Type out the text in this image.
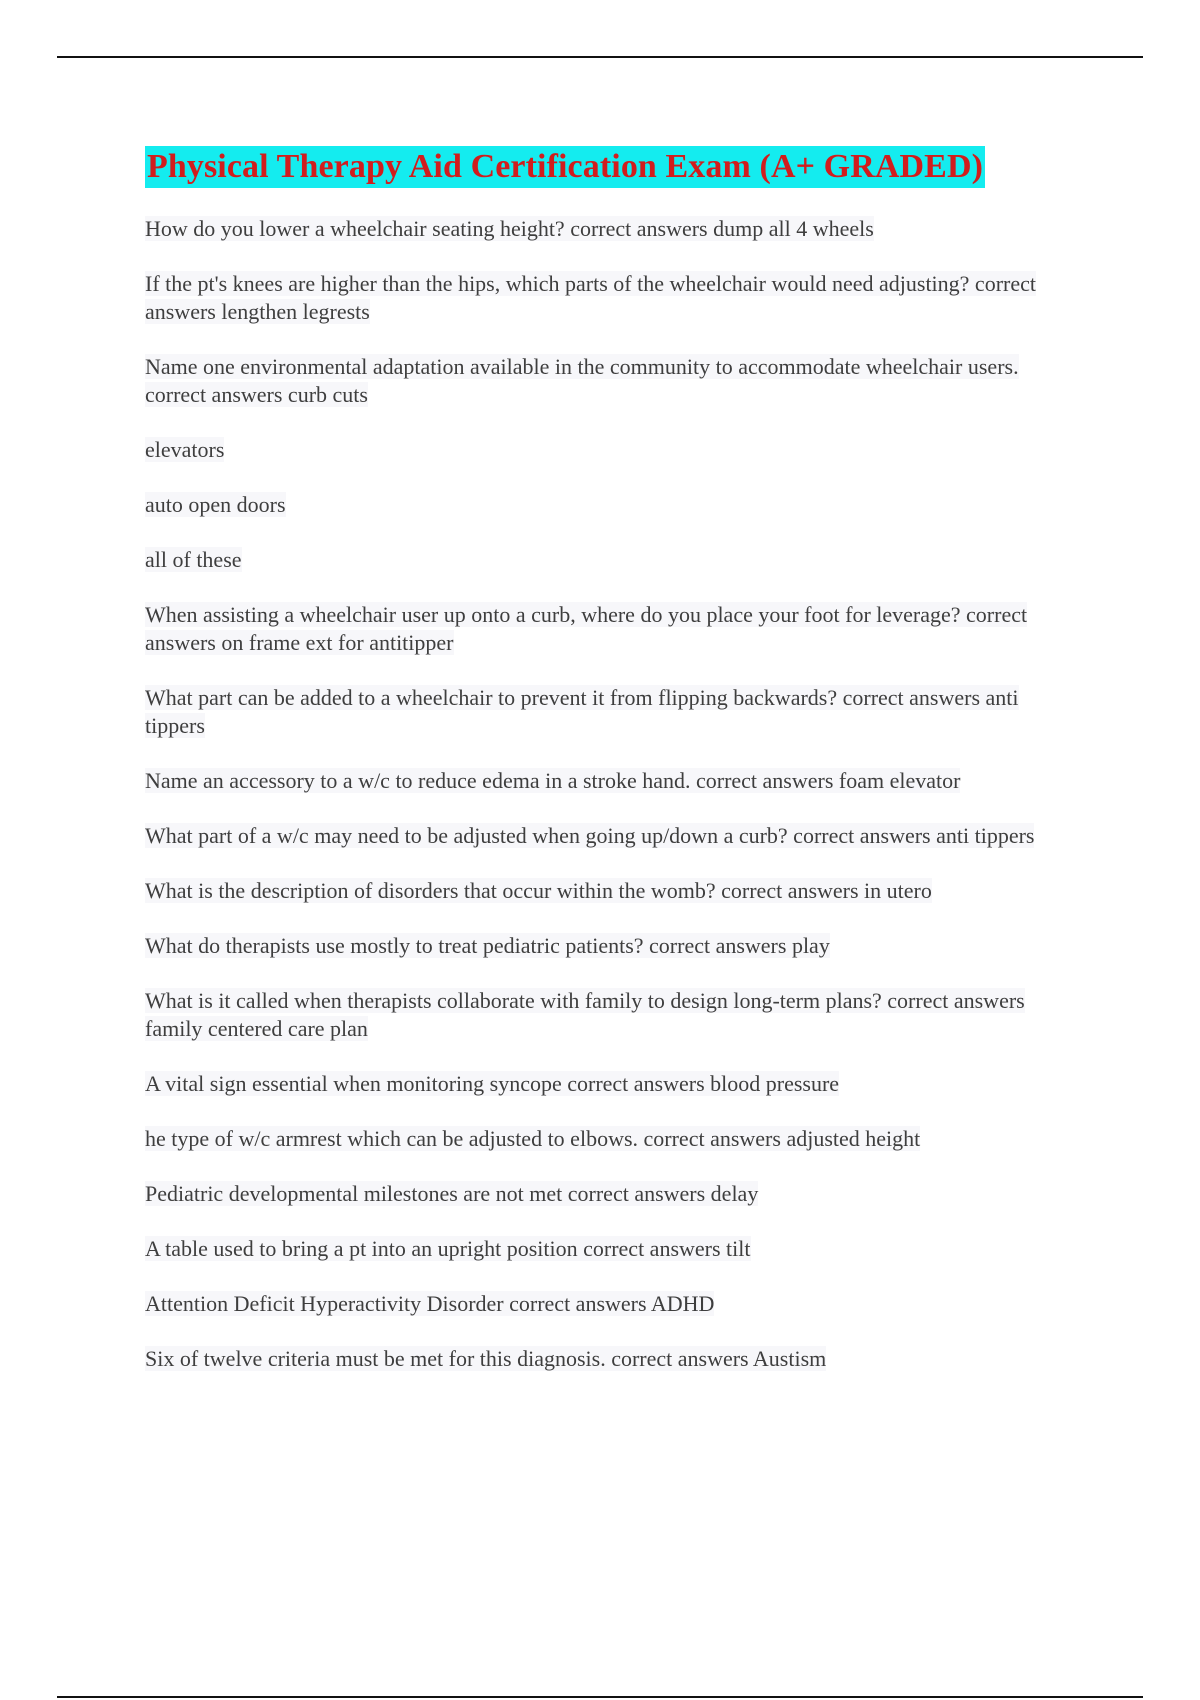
Physical Therapy Aid Certification Exam (A+ GRADED)

How do you lower a wheelchair seating height? correct answers dump all 4 wheels

If the pt's knees are higher than the hips, which parts of the wheelchair would need adjusting? correct answers lengthen legrests

Name one environmental adaptation available in the community to accommodate wheelchair users. correct answers curb cuts

elevators

auto open doors

all of these

When assisting a wheelchair user up onto a curb, where do you place your foot for leverage? correct answers on frame ext for antitipper

What part can be added to a wheelchair to prevent it from flipping backwards? correct answers anti tippers

Name an accessory to a w/c to reduce edema in a stroke hand. correct answers foam elevator

What part of a w/c may need to be adjusted when going up/down a curb? correct answers anti tippers

What is the description of disorders that occur within the womb? correct answers in utero

What do therapists use mostly to treat pediatric patients? correct answers play

What is it called when therapists collaborate with family to design long-term plans? correct answers family centered care plan

A vital sign essential when monitoring syncope correct answers blood pressure

he type of w/c armrest which can be adjusted to elbows. correct answers adjusted height

Pediatric developmental milestones are not met correct answers delay

A table used to bring a pt into an upright position correct answers tilt

Attention Deficit Hyperactivity Disorder correct answers ADHD

Six of twelve criteria must be met for this diagnosis. correct answers Austism
